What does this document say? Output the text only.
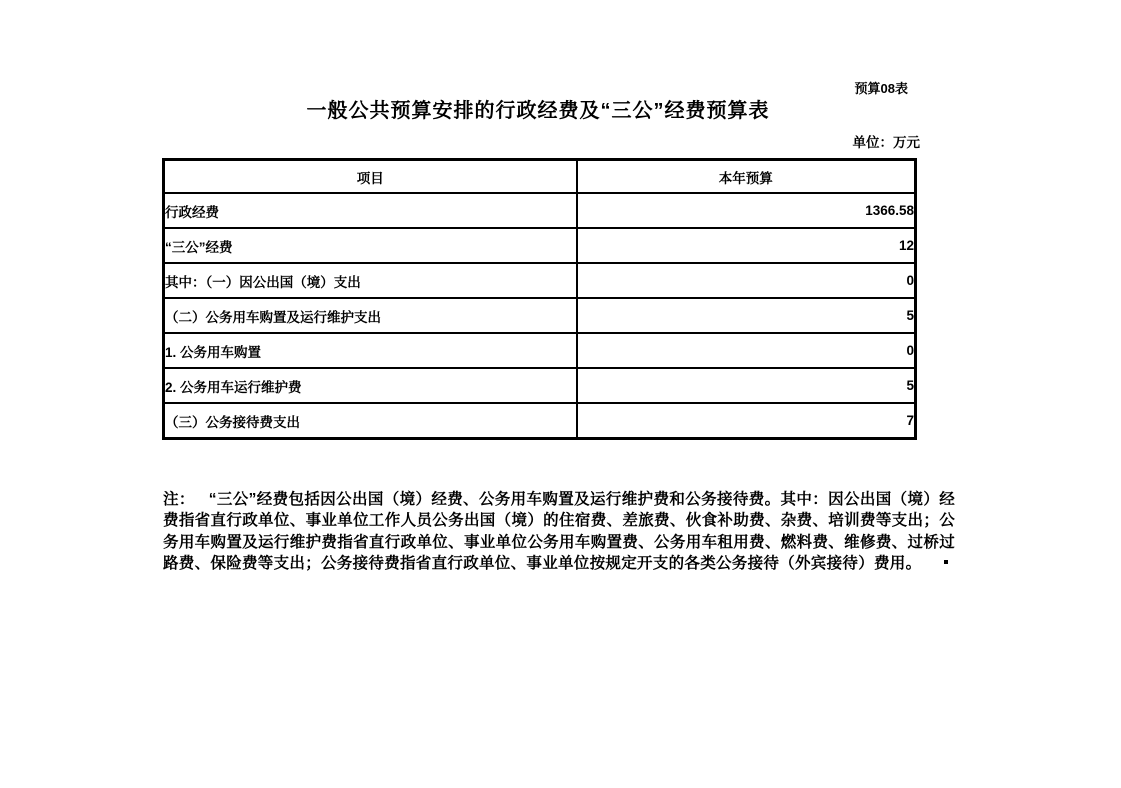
预算08表
一般公共预算安排的行政经费及“三公”经费预算表
单位：万元
项目	本年预算
行政经费	1366.58
“三公”经费	12
其中：（一）因公出国（境）支出	0
（二）公务用车购置及运行维护支出	5
1. 公务用车购置	0
2. 公务用车运行维护费	5
（三）公务接待费支出	7

注： “三公”经费包括因公出国（境）经费、公务用车购置及运行维护费和公务接待费。其中：因公出国（境）经费指省直行政单位、事业单位工作人员公务出国（境）的住宿费、差旅费、伙食补助费、杂费、培训费等支出；公务用车购置及运行维护费指省直行政单位、事业单位公务用车购置费、公务用车租用费、燃料费、维修费、过桥过路费、保险费等支出；公务接待费指省直行政单位、事业单位按规定开支的各类公务接待（外宾接待）费用。
